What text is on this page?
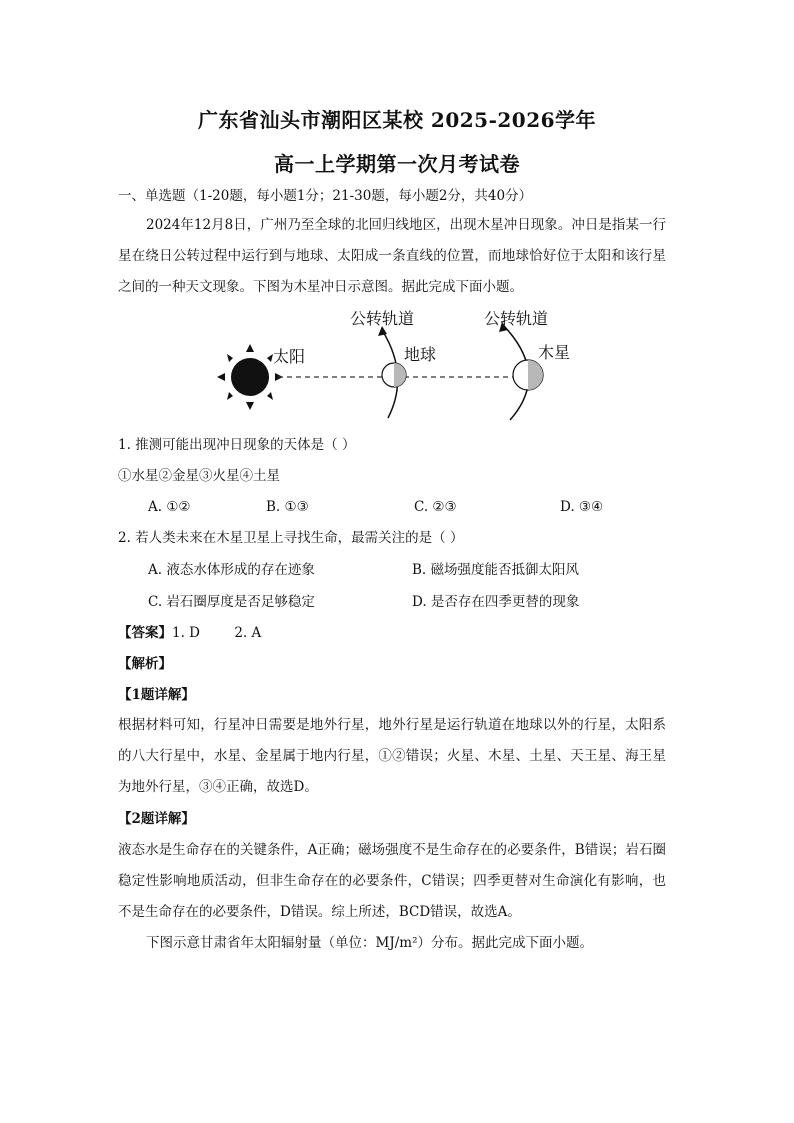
广东省汕头市潮阳区某校 2025-2026学年
高一上学期第一次月考试卷
一、单选题（1-20题，每小题1分；21-30题，每小题2分，共40分）
2024年12月8日，广州乃至全球的北回归线地区，出现木星冲日现象。冲日是指某一行星在绕日公转过程中运行到与地球、太阳成一条直线的位置，而地球恰好位于太阳和该行星之间的一种天文现象。下图为木星冲日示意图。据此完成下面小题。
太阳
公转轨道
地球
公转轨道
木星
1. 推测可能出现冲日现象的天体是（ ）
①水星②金星③火星④土星
A. ①②	B. ①③	C. ②③	D. ③④
2. 若人类未来在木星卫星上寻找生命，最需关注的是（ ）
A. 液态水体形成的存在迹象	B. 磁场强度能否抵御太阳风
C. 岩石圈厚度是否足够稳定	D. 是否存在四季更替的现象
【答案】1. D        2. A
【解析】
【1题详解】
根据材料可知，行星冲日需要是地外行星，地外行星是运行轨道在地球以外的行星，太阳系的八大行星中，水星、金星属于地内行星，①②错误；火星、木星、土星、天王星、海王星为地外行星，③④正确，故选D。
【2题详解】
液态水是生命存在的关键条件，A正确；磁场强度不是生命存在的必要条件，B错误；岩石圈稳定性影响地质活动，但非生命存在的必要条件，C错误；四季更替对生命演化有影响，也不是生命存在的必要条件，D错误。综上所述，BCD错误，故选A。
下图示意甘肃省年太阳辐射量（单位：MJ/m²）分布。据此完成下面小题。
